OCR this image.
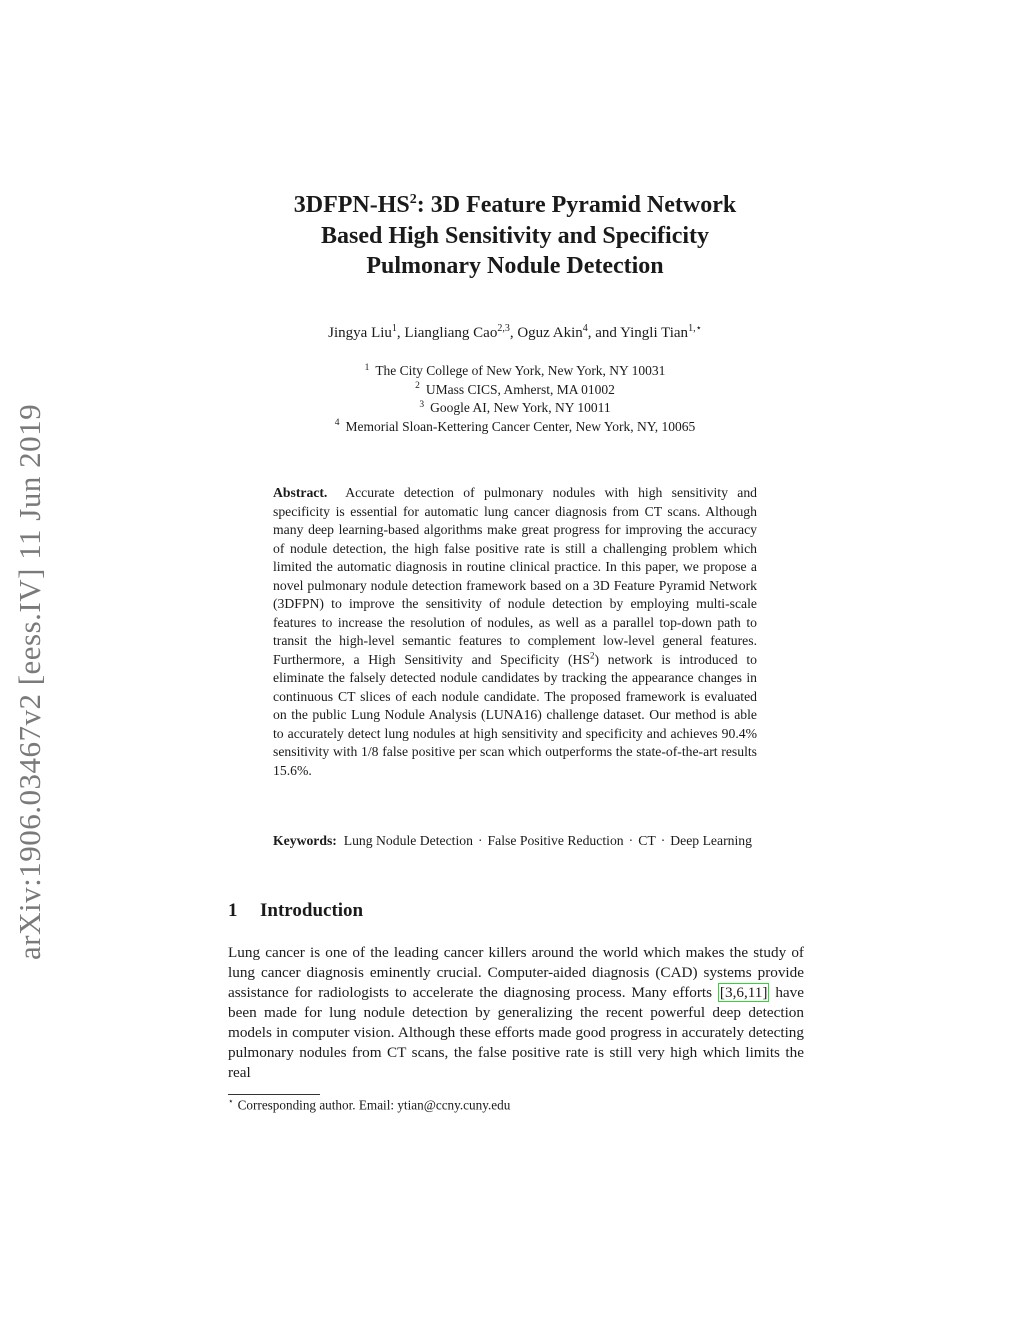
arXiv:1906.03467v2 [eess.IV] 11 Jun 2019
$3DFPN-HS^2$: 3D Feature Pyramid Network
Based High Sensitivity and Specificity
Pulmonary Nodule Detection
Jingya Liu$^1$, Liangliang Cao$^{2,3}$, Oguz Akin$^4$, and Yingli Tian$^{1,⋆}$
$^1$ The City College of New York, New York, NY 10031
$^2$ UMass CICS, Amherst, MA 01002
$^3$ Google AI, New York, NY 10011
$^4$ Memorial Sloan-Kettering Cancer Center, New York, NY, 10065
Abstract. Accurate detection of pulmonary nodules with high sensitivity and specificity is essential for automatic lung cancer diagnosis from CT scans. Although many deep learning-based algorithms make great progress for improving the accuracy of nodule detection, the high false positive rate is still a challenging problem which limited the automatic diagnosis in routine clinical practice. In this paper, we propose a novel pulmonary nodule detection framework based on a 3D Feature Pyramid Network (3DFPN) to improve the sensitivity of nodule detection by employing multi-scale features to increase the resolution of nodules, as well as a parallel top-down path to transit the high-level semantic features to complement low-level general features. Furthermore, a High Sensitivity and Specificity $(HS^2)$ network is introduced to eliminate the falsely detected nodule candidates by tracking the appearance changes in continuous CT slices of each nodule candidate. The proposed framework is evaluated on the public Lung Nodule Analysis (LUNA16) challenge dataset. Our method is able to accurately detect lung nodules at high sensitivity and specificity and achieves 90.4% sensitivity with 1/8 false positive per scan which outperforms the state-of-the-art results 15.6%.
Keywords: Lung Nodule Detection · False Positive Reduction · CT · Deep Learning
1 Introduction
Lung cancer is one of the leading cancer killers around the world which makes the study of lung cancer diagnosis eminently crucial. Computer-aided diagnosis (CAD) systems provide assistance for radiologists to accelerate the diagnosing process. Many efforts [3,6,11] have been made for lung nodule detection by generalizing the recent powerful deep detection models in computer vision. Although these efforts made good progress in accurately detecting pulmonary nodules from CT scans, the false positive rate is still very high which limits the real
⋆ Corresponding author. Email: ytian@ccny.cuny.edu
